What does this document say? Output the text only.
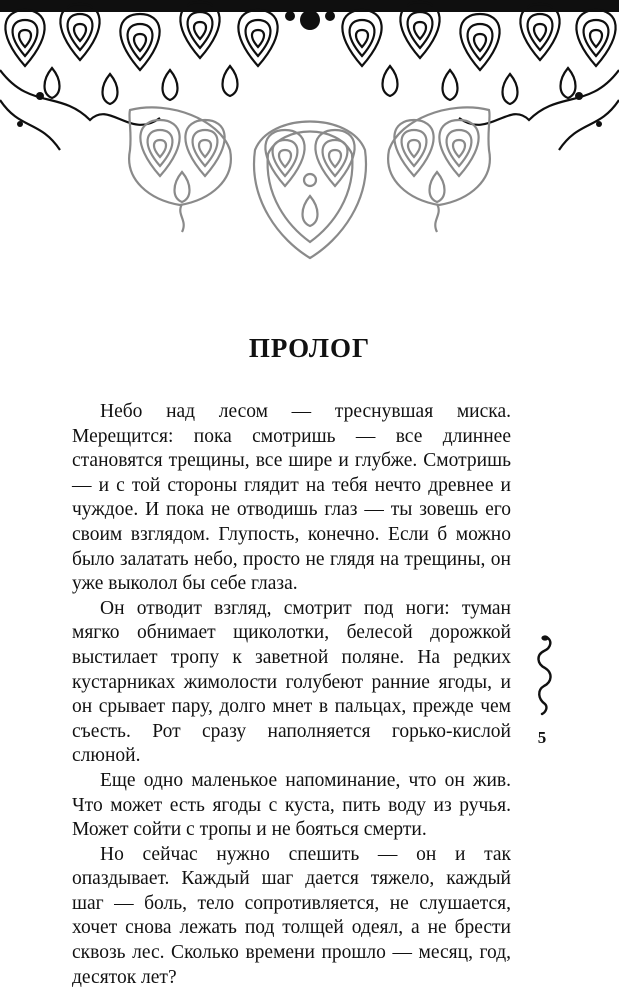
ПРОЛОГ

Небо над лесом — треснувшая миска. Мерещится: пока смотришь — все длиннее становятся трещины, все шире и глубже. Смотришь — и с той стороны глядит на тебя нечто древнее и чуждое. И пока не отводишь глаз — ты зовешь его своим взглядом. Глупость, конечно. Если б можно было залатать небо, просто не глядя на трещины, он уже выколол бы себе глаза.

Он отводит взгляд, смотрит под ноги: туман мягко обнимает щиколотки, белесой дорожкой выстилает тропу к заветной поляне. На редких кустарниках жимолости голубеют ранние ягоды, и он срывает пару, долго мнет в пальцах, прежде чем съесть. Рот сразу наполняется горько-кислой слюной.

Еще одно маленькое напоминание, что он жив. Что может есть ягоды с куста, пить воду из ручья. Может сойти с тропы и не бояться смерти.

Но сейчас нужно спешить — он и так опаздывает. Каждый шаг дается тяжело, каждый шаг — боль, тело сопротивляется, не слушается, хочет снова лежать под толщей одеял, а не брести сквозь лес. Сколько времени прошло — месяц, год, десяток лет?

5
